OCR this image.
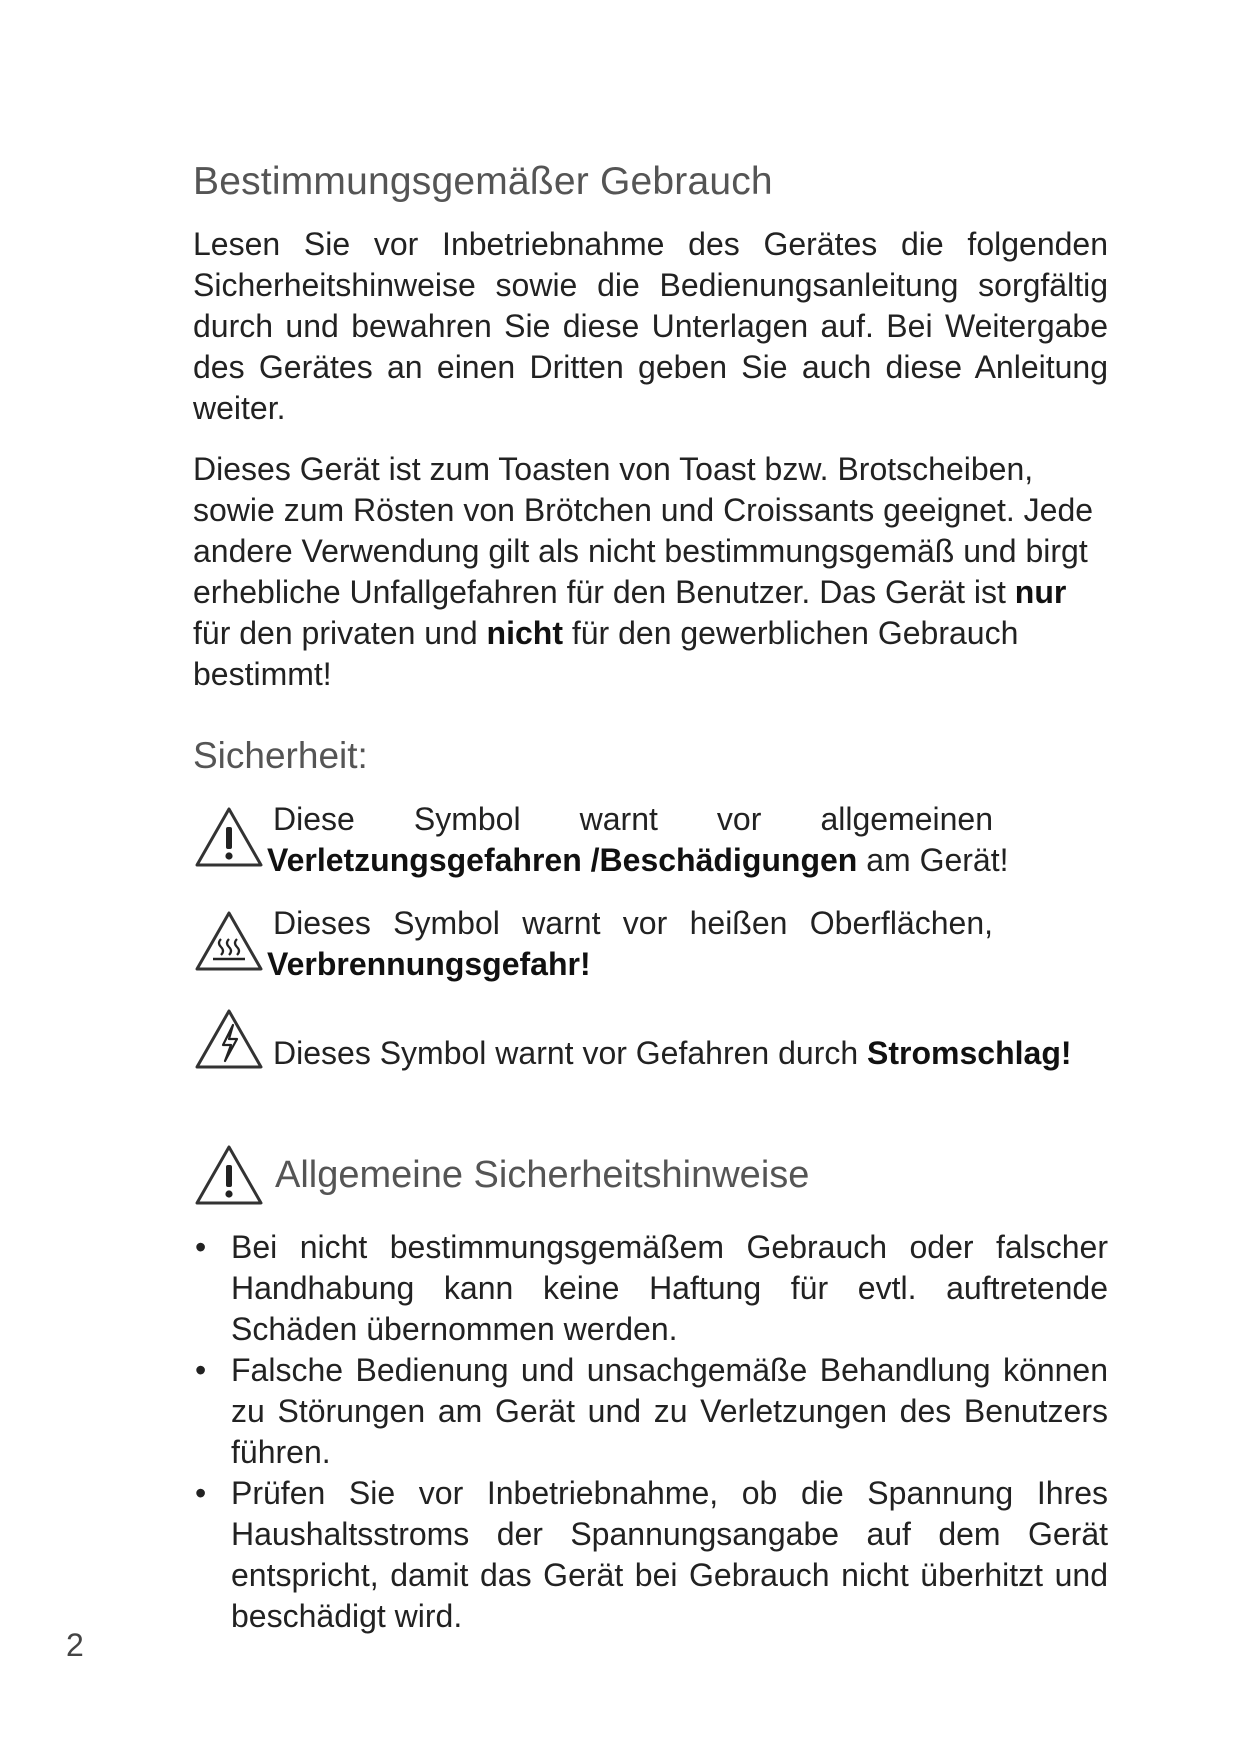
Bestimmungsgemäßer Gebrauch

Lesen Sie vor Inbetriebnahme des Gerätes die folgenden Sicherheitshinweise sowie die Bedienungsanleitung sorgfältig durch und bewahren Sie diese Unterlagen auf. Bei Weitergabe des Gerätes an einen Dritten geben Sie auch diese Anleitung weiter.

Dieses Gerät ist zum Toasten von Toast bzw. Brotscheiben, sowie zum Rösten von Brötchen und Croissants geeignet. Jede andere Verwendung gilt als nicht bestimmungsgemäß und birgt erhebliche Unfallgefahren für den Benutzer. Das Gerät ist nur für den privaten und nicht für den gewerblichen Gebrauch bestimmt!

Sicherheit:
Diese Symbol warnt vor allgemeinen
Verletzungsgefahren /Beschädigungen am Gerät!
Dieses Symbol warnt vor heißen Oberflächen,
Verbrennungsgefahr!
Dieses Symbol warnt vor Gefahren durch Stromschlag!
Allgemeine Sicherheitshinweise
• Bei nicht bestimmungsgemäßem Gebrauch oder falscher Handhabung kann keine Haftung für evtl. auftretende Schäden übernommen werden.
• Falsche Bedienung und unsachgemäße Behandlung können zu Störungen am Gerät und zu Verletzungen des Benutzers führen.
• Prüfen Sie vor Inbetriebnahme, ob die Spannung Ihres Haushaltsstroms der Spannungsangabe auf dem Gerät entspricht, damit das Gerät bei Gebrauch nicht überhitzt und beschädigt wird.
2
